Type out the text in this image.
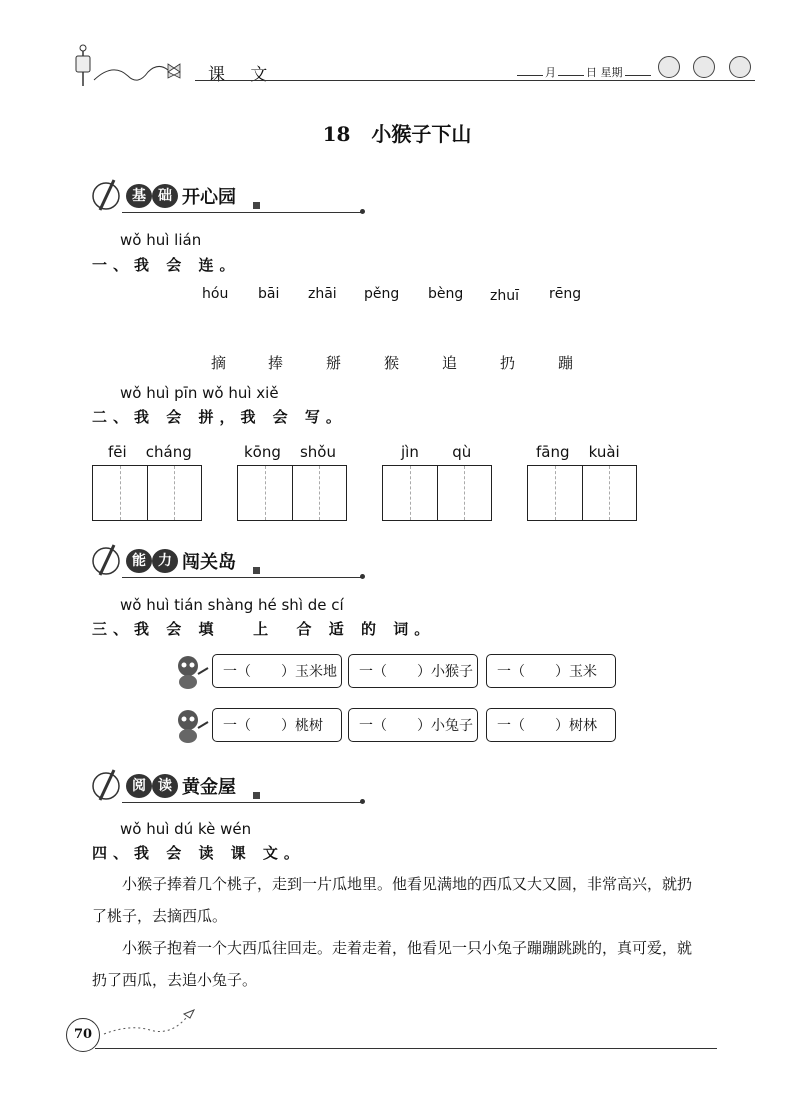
课 文	月	日 星期
18 小猴子下山
基 础 开心园
wǒ huì lián
一、我 会 连。
hóu bāi zhāi pěng bèng zhuī rēng
摘	捧	掰	猴	追	扔	蹦
wǒ huì pīn wǒ huì xiě
二、我 会 拼，我 会 写。
fēi cháng	kōng shǒu	jìn qù	fāng kuài
能 力 闯关岛
wǒ huì tián shàng hé shì de cí
三、我 会 填   上  合 适 的 词。
一（ ）玉米地	一（ ）小猴子	一（ ）玉米
一（ ）桃树	一（ ）小兔子	一（ ）树林
阅 读 黄金屋
wǒ huì dú kè wén
四、我 会 读 课 文。
小猴子捧着几个桃子，走到一片瓜地里。他看见满地的西瓜又大又圆，非常高兴，就扔了桃子，去摘西瓜。
小猴子抱着一个大西瓜往回走。走着走着，他看见一只小兔子蹦蹦跳跳的，真可爱，就扔了西瓜，去追小兔子。
70
